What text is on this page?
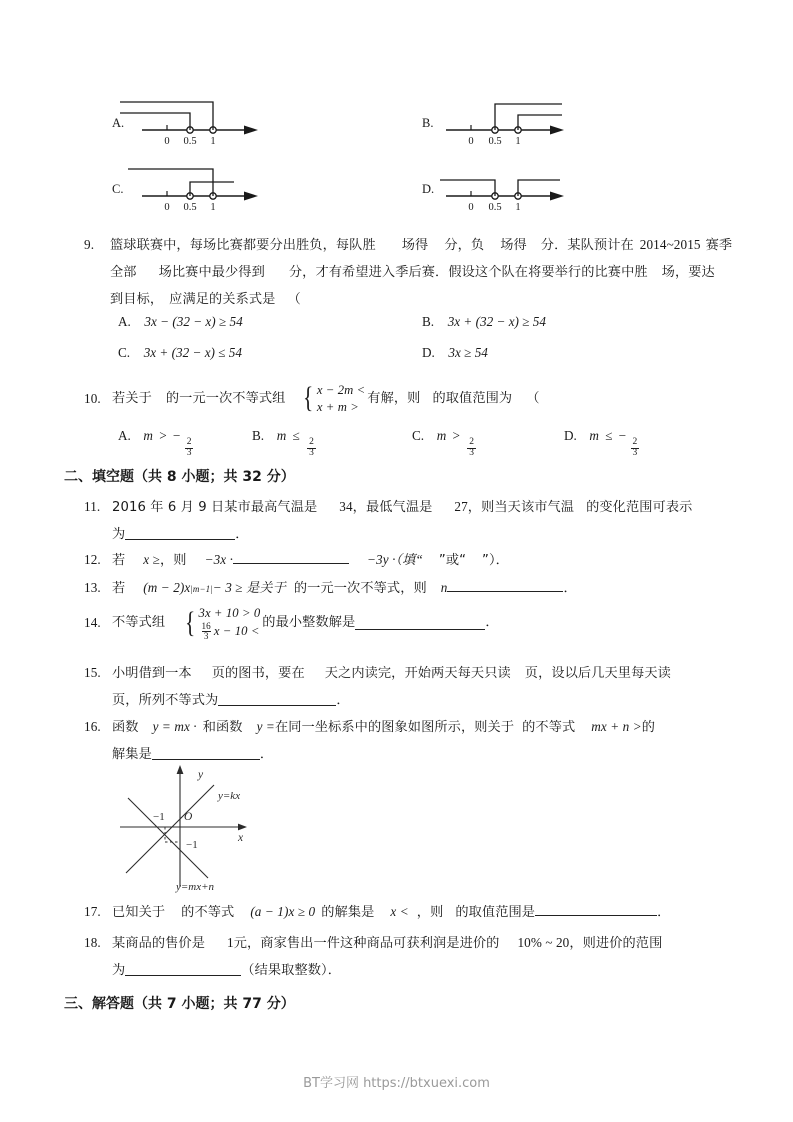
A.
0 0.5 1
B.
0 0.5 1
C.
0 0.5 1
D.
0 0.5 1
9.	篮球联赛中，每场比赛都要分出胜负，每队胜 场得 分，负 场得 分．某队预计在 2014~2015 赛季
全部 场比赛中最少得到 分，才有希望进入季后赛．假设这个队在将要举行的比赛中胜 场，要达
到目标， 应满足的关系式是 （
A. 3x − (32 − x) ≥ 54	B. 3x + (32 − x) ≥ 54
C. 3x + (32 − x) ≤ 54	D. 3x ≥ 54
10. 若关于 的一元一次不等式组 { x − 2m <
x + m >
有解，则 的取值范围为 （
A. m > −
$\frac{2}{3}$
B. m ≤
$\frac{2}{3}$
C. m >
$\frac{2}{3}$
D. m ≤ −
$\frac{2}{3}$
二、填空题（共 8 小题；共 32 分）
11. 2016 年 6 月 9 日某市最高气温是 34，最低气温是 27，则当天该市气温 的变化范围可表示
为	．
12. 若 x ≥ ，则 −3x ·	−3y ·（填“ ”或“ ”）．
13. 若 (m − 2)x |m−1| − 3 ≥ 是关于 的一元一次不等式，则 n	．
14. 不等式组 { 3x + 10 > 0
$\frac{16}{3}$ x − 10 <
的最小整数解是	．
15. 小明借到一本 页的图书，要在 天之内读完，开始两天每天只读 页，设以后几天里每天读
页，所列不等式为	．
16. 函数 y = mx · 和函数 y =在同一坐标系中的图象如图所示，则关于 的不等式 mx + n >的
解集是	．
y
x
O
−1
−1
y=kx
y=mx+n
17. 已知关于 的不等式 (a − 1)x ≥ 0 的解集是 x < ，则 的取值范围是	．
18. 某商品的售价是 1元，商家售出一件这种商品可获利润是进价的 10% ~ 20，则进价的范围
为	（结果取整数）．
三、解答题（共 7 小题；共 77 分）
BT学习网 https://btxuexi.com
